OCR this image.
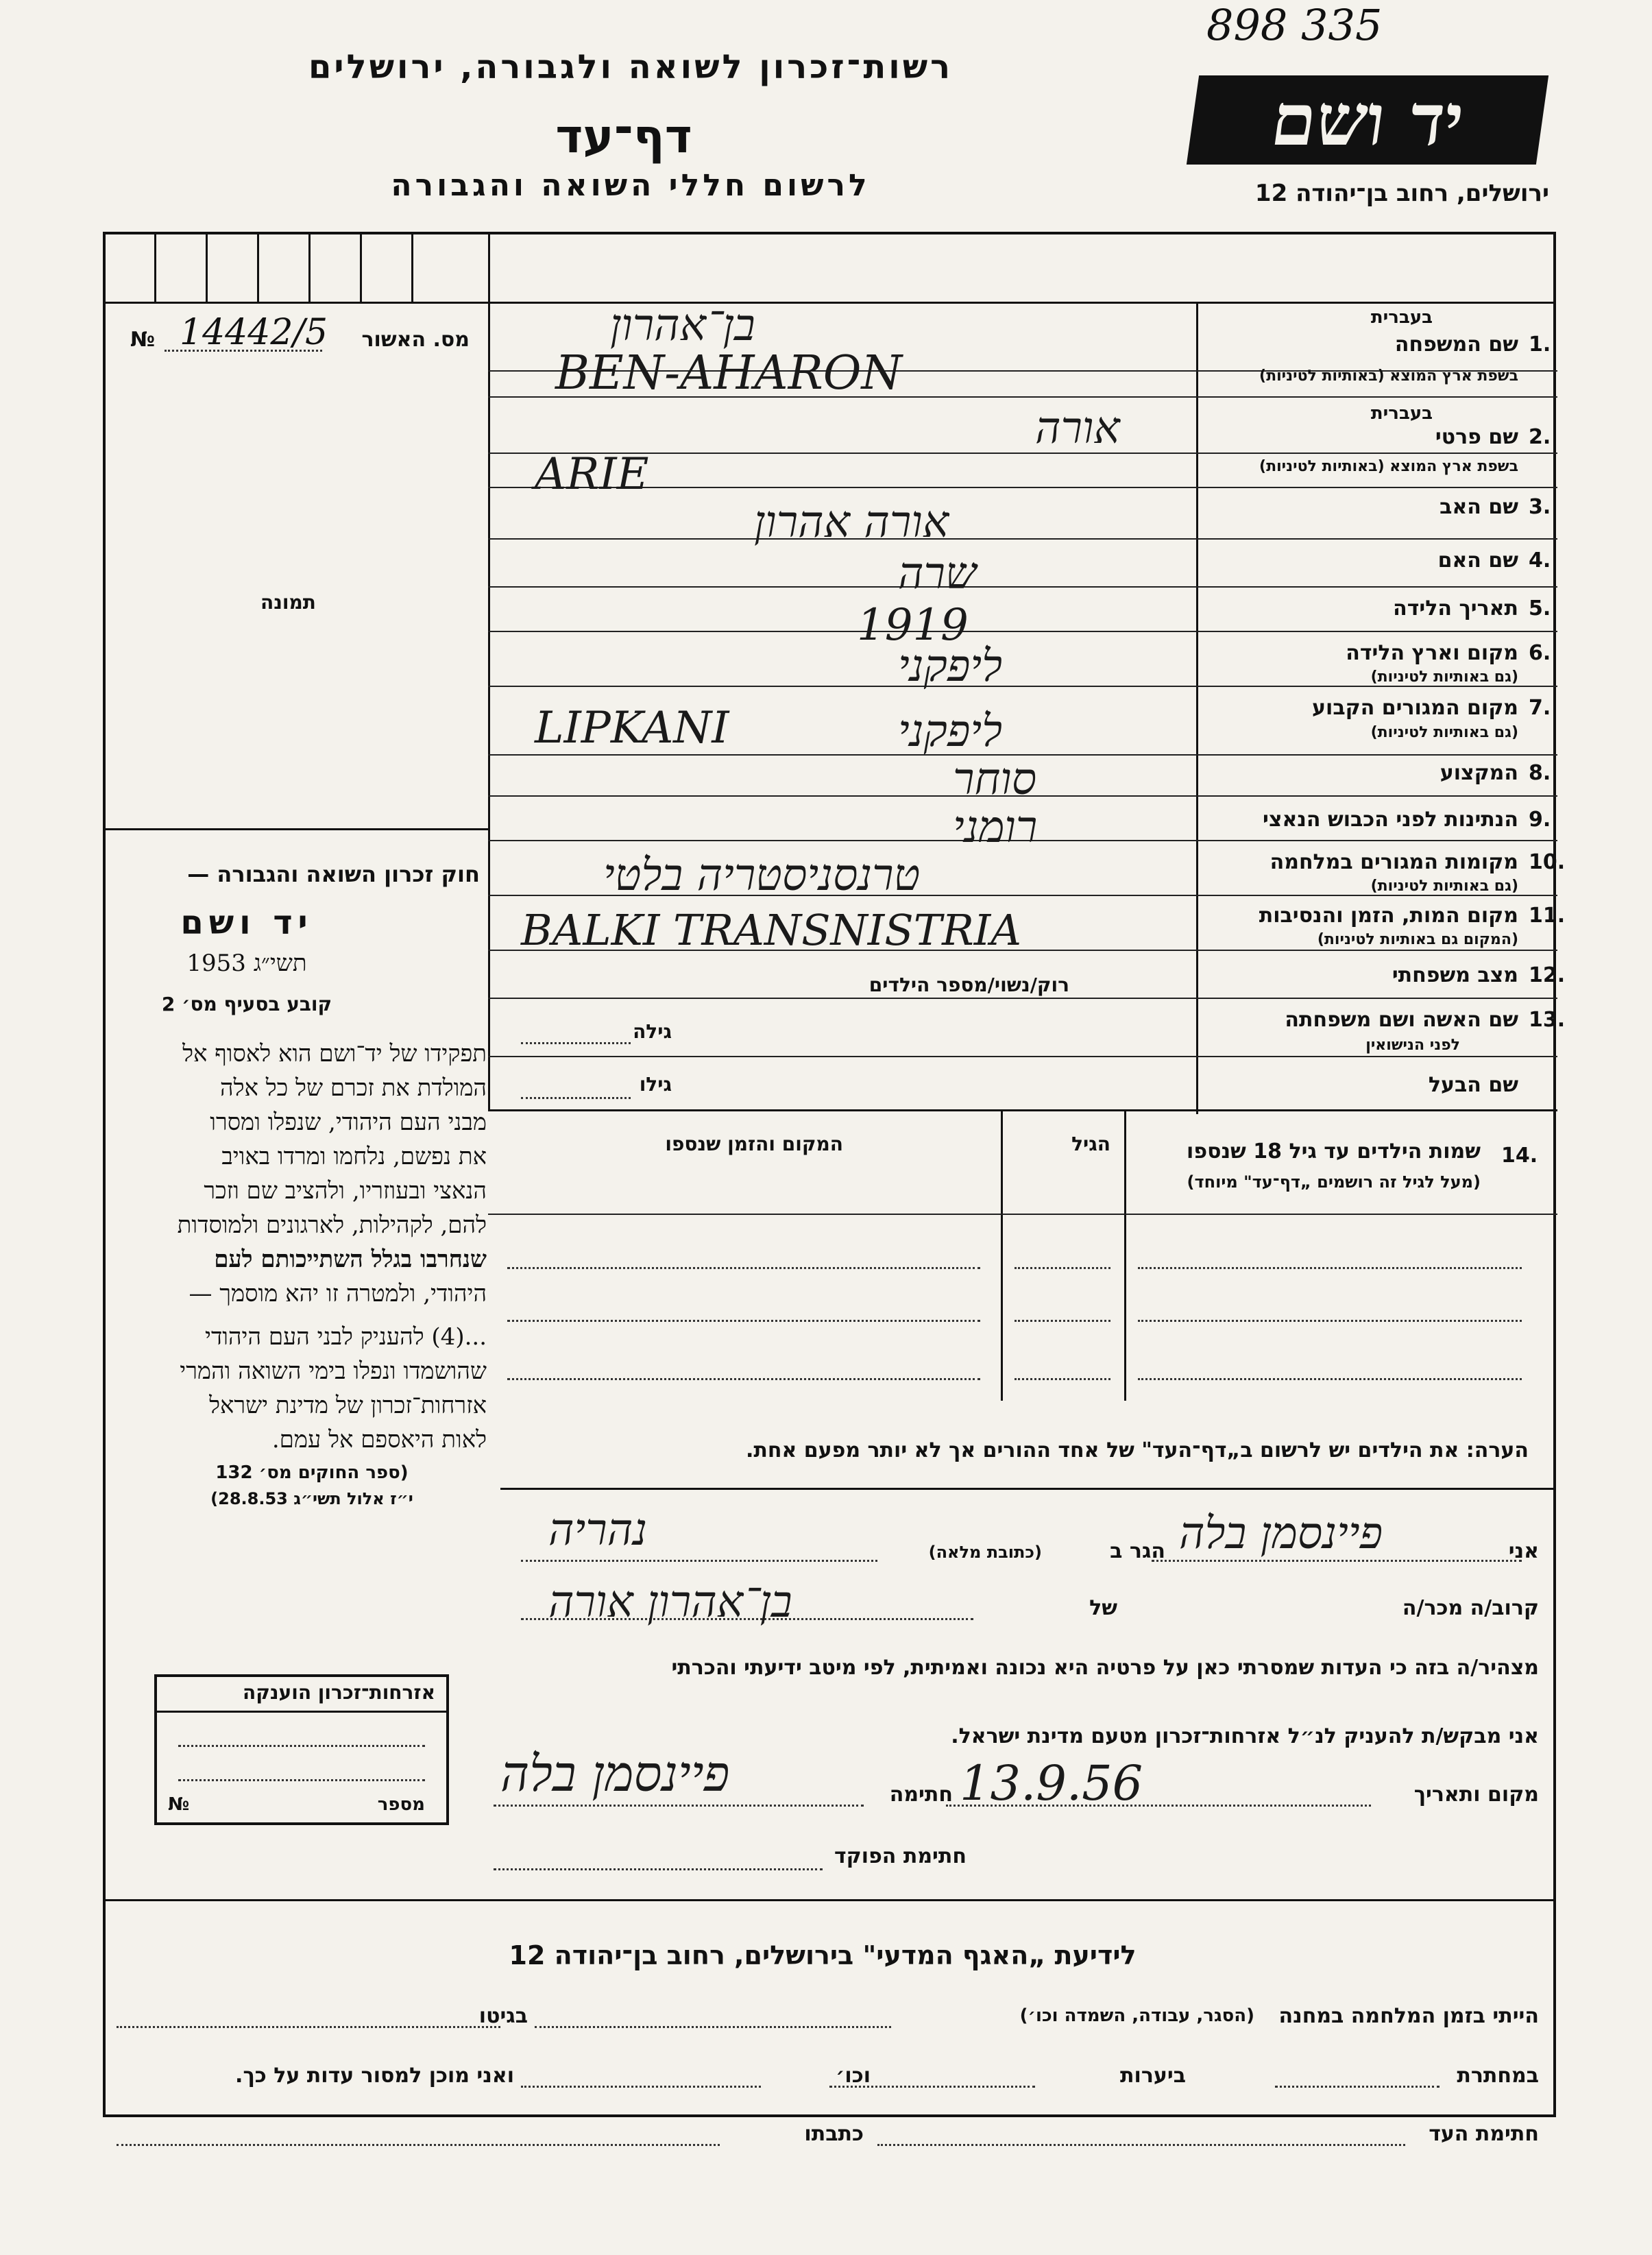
898 335
רשות־זכרון לשואה ולגבורה, ירושלים
דף־עד
לרשום חללי השואה והגבורה
יד ושם
ירושלים, רחוב בן־יהודה 12
№ 14442/5 מס. האשור
תמונה
חוק זכרון השואה והגבורה —
יד ושם
תשי״ג 1953
קובע בסעיף מס׳ 2
תפקידו של יד־ושם הוא לאסוף אל
המולדת את זכרם של כל אלה
מבני העם היהודי, שנפלו ומסרו
את נפשם, נלחמו ומרדו באויב
הנאצי ובעוזריו, ולהציב שם וזכר
להם, לקהילות, לארגונים ולמוסדות
שנחרבו בגלל השתייכותם לעם
היהודי, ולמטרה זו יהא מוסמך —
...(4) להעניק לבני העם היהודי
שהושמדו ונפלו בימי השואה והמרי
אזרחות־זכרון של מדינת ישראל
לאות היאספם אל עמם.
(ספר החוקים מס׳ 132
י״ז אלול תשי״ג 28.8.53)
1.
שם המשפחה
בעברית
בשפת ארץ המוצא (באותיות לטיניות)
2.
שם פרטי
בעברית
בשפת ארץ המוצא (באותיות לטיניות)
3.
שם האב
4.
שם האם
5.
תאריך הלידה
6.
מקום וארץ הלידה
(גם באותיות לטיניות)
7.
מקום המגורים הקבוע
(גם באותיות לטיניות)
8.
המקצוע
9.
הנתינות לפני הכבוש הנאצי
10.
מקומות המגורים במלחמה
(גם באותיות לטיניות)
11.
מקום המות, הזמן והנסיבות
(המקום גם באותיות לטיניות)
12.
מצב משפחתי
13.
שם האשה ושם משפחתה
לפני הנישואין
שם הבעל
רוק/נשוי/מספר הילדים
גילה
גילו
בן־אהרון
BEN-AHARON
אורה
ARIE
אורה אהרון
שרה
1919
ליפקני
LIPKANI	ליפקני
סוחר
רומני
טרנסניסטריה בלטי
BALKI TRANSNISTRIA
14.
שמות הילדים עד גיל 18 שנספו
(מעל לגיל זה רושמים „דף־עד" מיוחד)
הגיל
המקום והזמן שנספו
הערה: את הילדים יש לרשום ב„דף־העד" של אחד ההורים אך לא יותר מפעם אחת.
אני
פיינסמן בלה
הגר ב
(כתובת מלאה)
נהריה
קרוב/ה מכר/ה
של
בן־אהרון אורה
מצהיר/ה בזה כי העדות שמסרתי כאן על פרטיה היא נכונה ואמיתית, לפי מיטב ידיעתי והכרתי
אני מבקש/ת להעניק לנ״ל אזרחות־זכרון מטעם מדינת ישראל.
מקום ותאריך
13.9.56
חתימה
פיינסמן בלה
חתימת הפוקד
אזרחות־זכרון הוענקה
№	מספר
לידיעת „האגף המדעי" בירושלים, רחוב בן־יהודה 12
הייתי בזמן המלחמה במחנה
(הסגר, עבודה, השמדה וכו׳)
בגיטו
במחתרת
ביערות
וכו׳
ואני מוכן למסור עדות על כך.
חתימת העד
כתבתו
